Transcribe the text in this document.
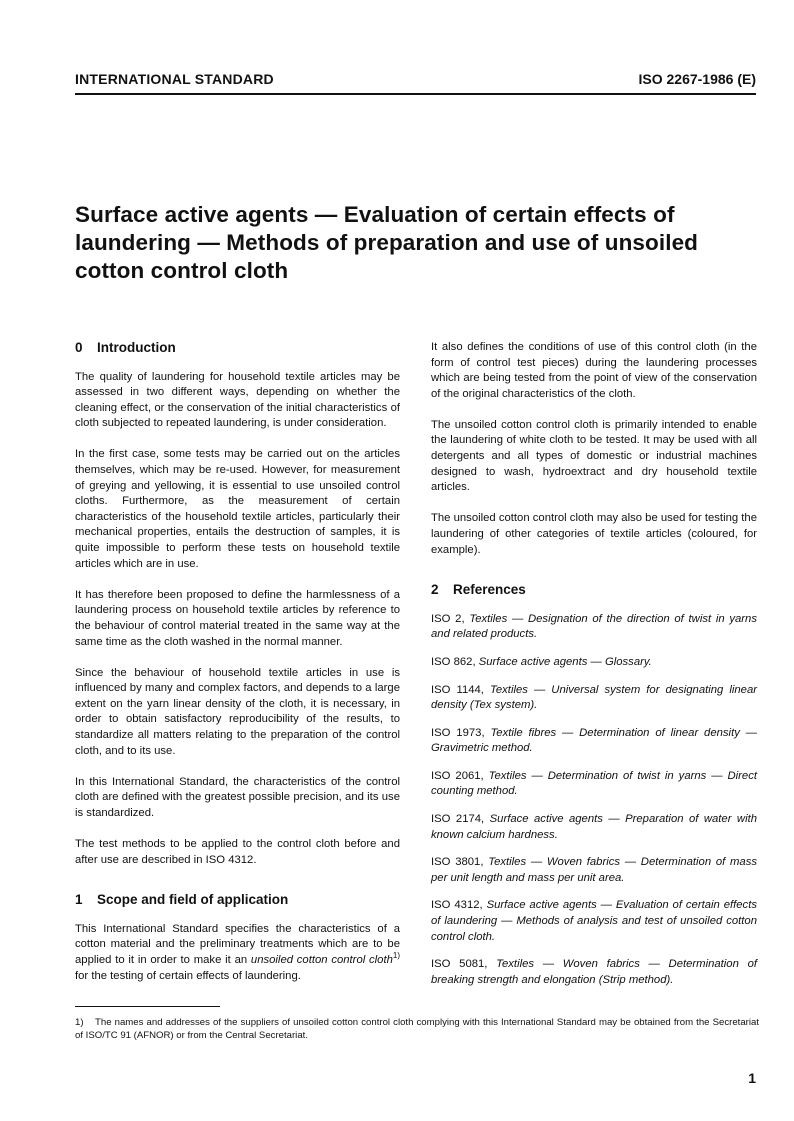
INTERNATIONAL STANDARD	ISO 2267-1986 (E)
Surface active agents — Evaluation of certain effects of laundering — Methods of preparation and use of unsoiled cotton control cloth
0 Introduction

The quality of laundering for household textile articles may be assessed in two different ways, depending on whether the cleaning effect, or the conservation of the initial characteristics of cloth subjected to repeated laundering, is under consideration.

In the first case, some tests may be carried out on the articles themselves, which may be re-used. However, for measurement of greying and yellowing, it is essential to use unsoiled control cloths. Furthermore, as the measurement of certain characteristics of the household textile articles, particularly their mechanical properties, entails the destruction of samples, it is quite impossible to perform these tests on household textile articles which are in use.

It has therefore been proposed to define the harmlessness of a laundering process on household textile articles by reference to the behaviour of control material treated in the same way at the same time as the cloth washed in the normal manner.

Since the behaviour of household textile articles in use is influenced by many and complex factors, and depends to a large extent on the yarn linear density of the cloth, it is necessary, in order to obtain satisfactory reproducibility of the results, to standardize all matters relating to the preparation of the control cloth, and to its use.

In this International Standard, the characteristics of the control cloth are defined with the greatest possible precision, and its use is standardized.

The test methods to be applied to the control cloth before and after use are described in ISO 4312.

1 Scope and field of application

This International Standard specifies the characteristics of a cotton material and the preliminary treatments which are to be applied to it in order to make it an unsoiled cotton control cloth$^{1)}$ for the testing of certain effects of laundering.

It also defines the conditions of use of this control cloth (in the form of control test pieces) during the laundering processes which are being tested from the point of view of the conservation of the original characteristics of the cloth.

The unsoiled cotton control cloth is primarily intended to enable the laundering of white cloth to be tested. It may be used with all detergents and all types of domestic or industrial machines designed to wash, hydroextract and dry household textile articles.

The unsoiled cotton control cloth may also be used for testing the laundering of other categories of textile articles (coloured, for example).

2 References

ISO 2, Textiles — Designation of the direction of twist in yarns and related products.

ISO 862, Surface active agents — Glossary.

ISO 1144, Textiles — Universal system for designating linear density (Tex system).

ISO 1973, Textile fibres — Determination of linear density — Gravimetric method.

ISO 2061, Textiles — Determination of twist in yarns — Direct counting method.

ISO 2174, Surface active agents — Preparation of water with known calcium hardness.

ISO 3801, Textiles — Woven fabrics — Determination of mass per unit length and mass per unit area.

ISO 4312, Surface active agents — Evaluation of certain effects of laundering — Methods of analysis and test of unsoiled cotton control cloth.

ISO 5081, Textiles — Woven fabrics — Determination of breaking strength and elongation (Strip method).

1) The names and addresses of the suppliers of unsoiled cotton control cloth complying with this International Standard may be obtained from the Secretariat of ISO/TC 91 (AFNOR) or from the Central Secretariat.
1
